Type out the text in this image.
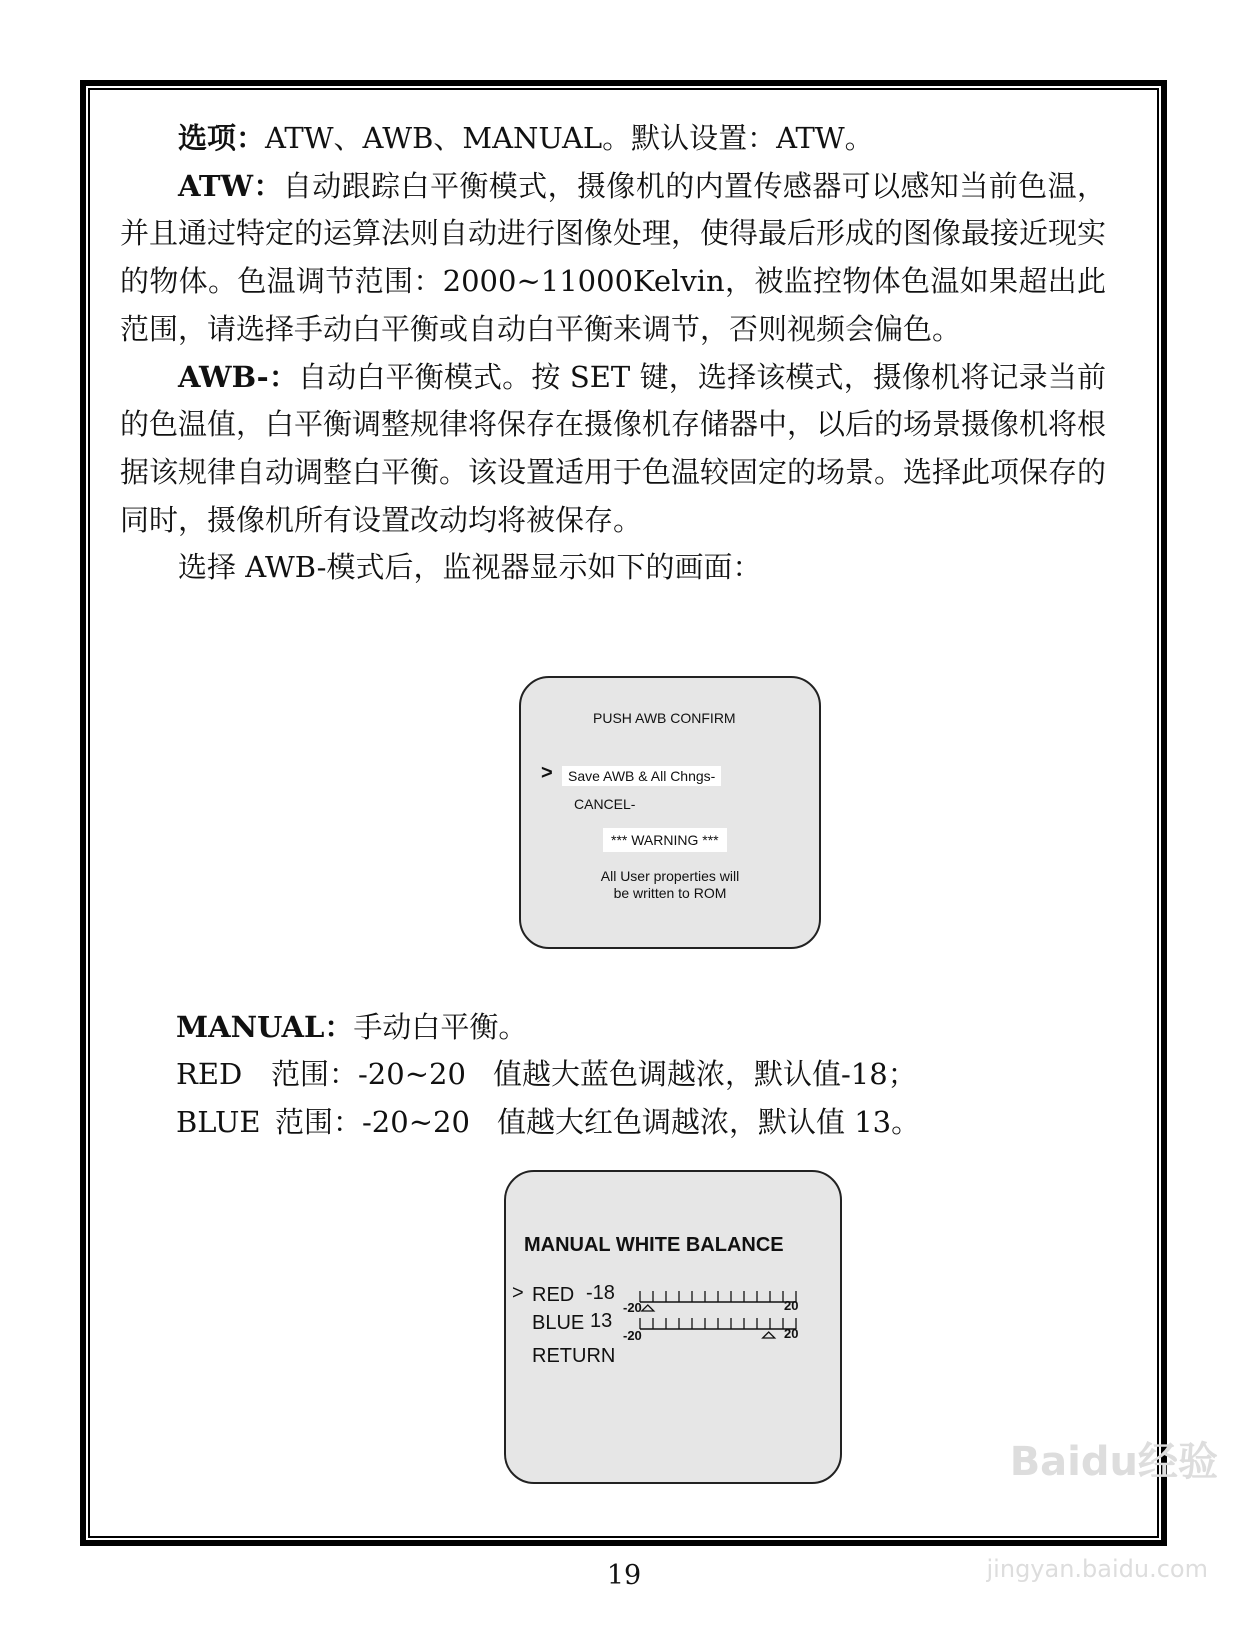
选项：ATW、AWB、MANUAL。默认设置：ATW。

ATW：自动跟踪白平衡模式，摄像机的内置传感器可以感知当前色温，并且通过特定的运算法则自动进行图像处理，使得最后形成的图像最接近现实的物体。色温调节范围：2000~11000Kelvin，被监控物体色温如果超出此范围，请选择手动白平衡或自动白平衡来调节，否则视频会偏色。

AWB-：自动白平衡模式。按 SET 键，选择该模式，摄像机将记录当前的色温值，白平衡调整规律将保存在摄像机存储器中，以后的场景摄像机将根据该规律自动调整白平衡。该设置适用于色温较固定的场景。选择此项保存的同时，摄像机所有设置改动均将被保存。

选择 AWB-模式后，监视器显示如下的画面：

PUSH AWB CONFIRM
>	Save AWB & All Chngs-
CANCEL-
*** WARNING ***
All User properties will
be written to ROM
MANUAL：手动白平衡。
RED 范围：-20~20 值越大蓝色调越浓，默认值-18；
BLUE 范围：-20~20 值越大红色调越浓，默认值 13。
MANUAL WHITE BALANCE
> RED -18
BLUE 13
RETURN
-20	20
-20	20
19
Baidu经验
jingyan.baidu.com
